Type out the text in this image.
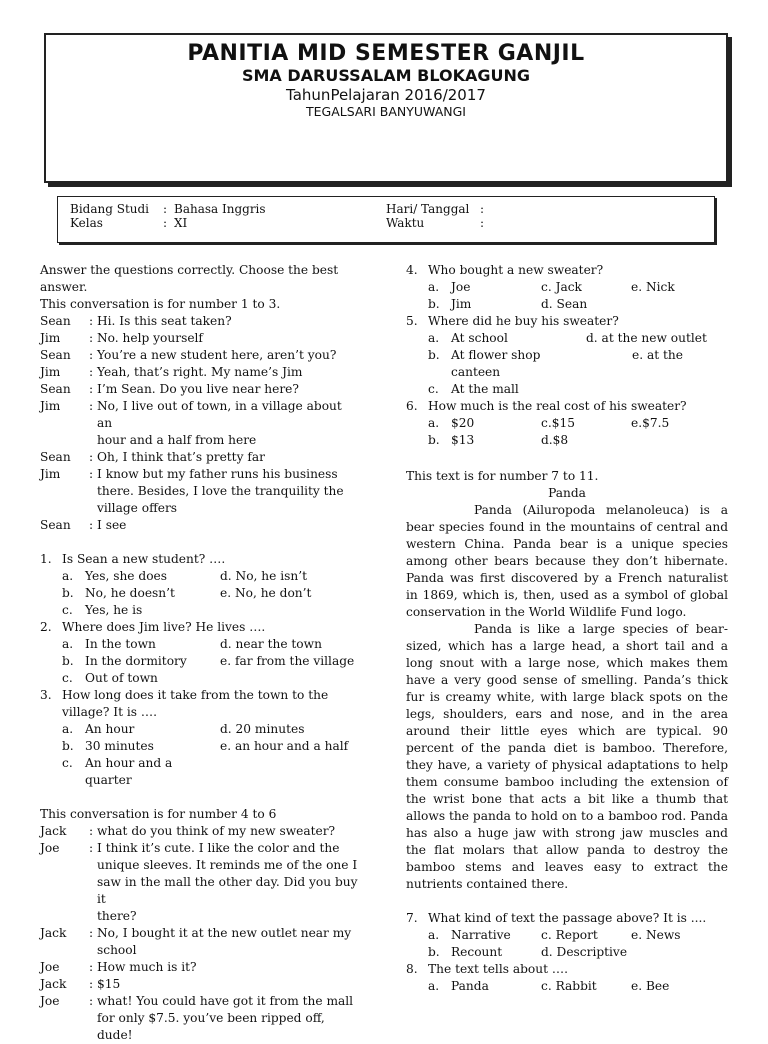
PANITIA MID SEMESTER GANJIL
SMA DARUSSALAM BLOKAGUNG
TahunPelajaran 2016/2017
TEGALSARI BANYUWANGI
Bidang Studi : Bahasa Inggris
Kelas	: XI
Hari/ Tanggal :
Waktu	:
Answer the questions correctly. Choose the best
answer.
This conversation is for number 1 to 3.
Sean	: Hi. Is this seat taken?
Jim	: No. help yourself
Sean	: You’re a new student here, aren’t you?
Jim	: Yeah, that’s right. My name’s Jim
Sean	: I’m Sean. Do you live near here?
Jim	: No, I live out of town, in a village about an
hour and a half from here
Sean	: Oh, I think that’s pretty far
Jim	: I know but my father runs his business
there. Besides, I love the tranquility the
village offers
Sean	: I see
1. Is Sean a new student? ….
a. Yes, she does	d. No, he isn’t
b. No, he doesn’t	e. No, he don’t
c.	Yes, he is
2. Where does Jim live? He lives ….
a. In the town	d. near the town
b. In the dormitory	e. far from the village
c.	Out of town
3. How long does it take from the town to the
village? It is ….
a. An hour	d. 20 minutes
b. 30 minutes	e. an hour and a half
c.	An hour and a quarter
This conversation is for number 4 to 6
Jack	: what do you think of my new sweater?
Joe	: I think it’s cute. I like the color and the
unique sleeves. It reminds me of the one I
saw in the mall the other day. Did you buy it
there?
Jack	: No, I bought it at the new outlet near my
school
Joe	: How much is it?
Jack	: $15
Joe	: what! You could have got it from the mall
for only $7.5. you’ve been ripped off, dude!
4. Who bought a new sweater?
a. Joe	c. Jack	e. Nick
b. Jim	d. Sean
5. Where did he buy his sweater?
a. At school	d. at the new outlet
b. At flower shop	e. at the
canteen
c.	At the mall
6. How much is the real cost of his sweater?
a. $20	c.$15	e.$7.5
b. $13	d.$8
This text is for number 7 to 11.
Panda
Panda (Ailuropoda melanoleuca) is a bear species found in the mountains of central and western China. Panda bear is a unique species among other bears because they don’t hibernate. Panda was first discovered by a French naturalist in 1869, which is, then, used as a symbol of global conservation in the World Wildlife Fund logo.
Panda is like a large species of bear-sized, which has a large head, a short tail and a long snout with a large nose, which makes them have a very good sense of smelling. Panda’s thick fur is creamy white, with large black spots on the legs, shoulders, ears and nose, and in the area around their little eyes which are typical. 90 percent of the panda diet is bamboo. Therefore, they have, a variety of physical adaptations to help them consume bamboo including the extension of the wrist bone that acts a bit like a thumb that allows the panda to hold on to a bamboo rod. Panda has also a huge jaw with strong jaw muscles and the flat molars that allow panda to destroy the bamboo stems and leaves easy to extract the nutrients contained there.
7. What kind of text the passage above? It is ....
a. Narrative	c. Report	e. News
b. Recount	d. Descriptive
8. The text tells about ….
a. Panda	c. Rabbit	e. Bee
